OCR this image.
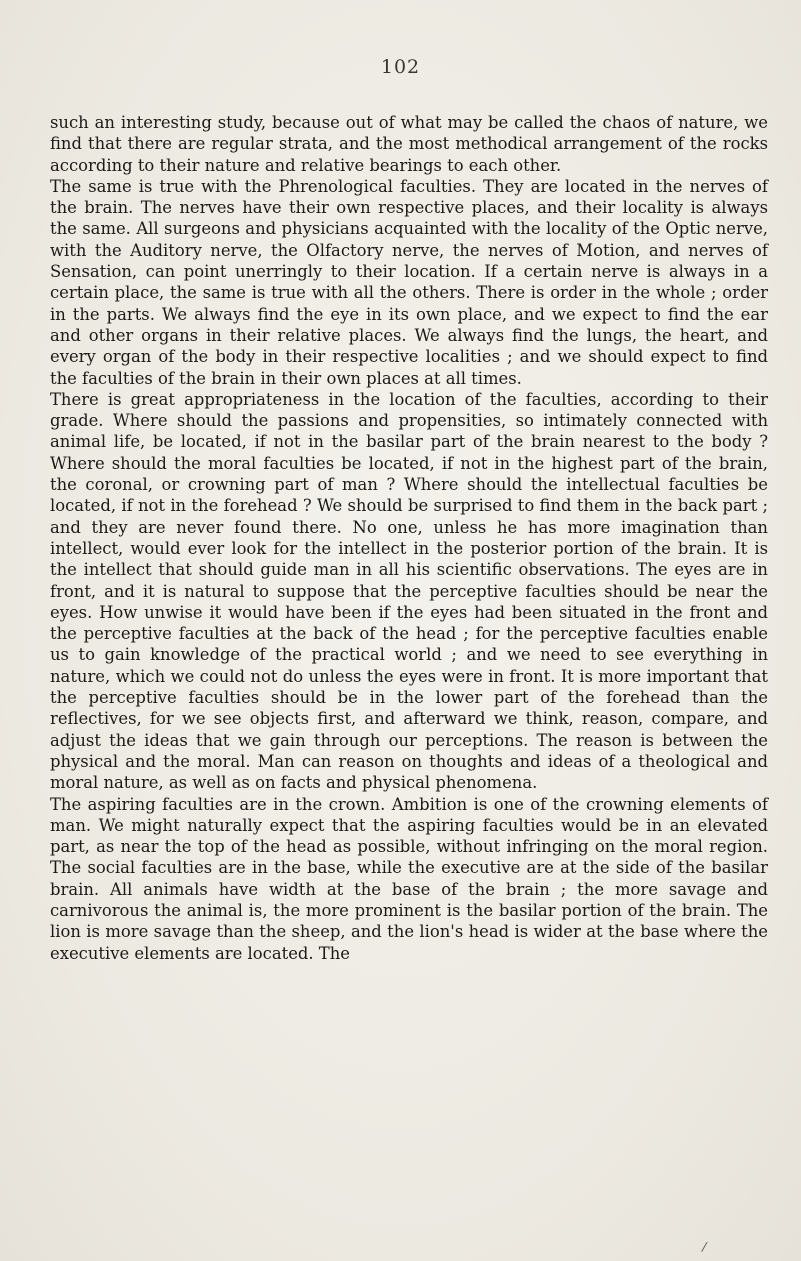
102

such an interesting study, because out of what may be called the chaos of nature, we find that there are regular strata, and the most methodical arrangement of the rocks according to their nature and relative bearings to each other.

The same is true with the Phrenological faculties. They are located in the nerves of the brain. The nerves have their own respective places, and their locality is always the same. All surgeons and physicians acquainted with the locality of the Optic nerve, with the Auditory nerve, the Olfactory nerve, the nerves of Motion, and nerves of Sensation, can point unerringly to their location. If a certain nerve is always in a certain place, the same is true with all the others. There is order in the whole ; order in the parts. We always find the eye in its own place, and we expect to find the ear and other organs in their relative places. We always find the lungs, the heart, and every organ of the body in their respective localities ; and we should expect to find the faculties of the brain in their own places at all times.

There is great appropriateness in the location of the faculties, according to their grade. Where should the passions and propensities, so intimately connected with animal life, be located, if not in the basilar part of the brain nearest to the body ? Where should the moral faculties be located, if not in the highest part of the brain, the coronal, or crowning part of man ? Where should the intellectual faculties be located, if not in the forehead ? We should be surprised to find them in the back part ; and they are never found there. No one, unless he has more imagination than intellect, would ever look for the intellect in the posterior portion of the brain. It is the intellect that should guide man in all his scientific observations. The eyes are in front, and it is natural to suppose that the perceptive faculties should be near the eyes. How unwise it would have been if the eyes had been situated in the front and the perceptive faculties at the back of the head ; for the perceptive faculties enable us to gain knowledge of the practical world ; and we need to see everything in nature, which we could not do unless the eyes were in front. It is more important that the perceptive faculties should be in the lower part of the forehead than the reflectives, for we see objects first, and afterward we think, reason, compare, and adjust the ideas that we gain through our perceptions. The reason is between the physical and the moral. Man can reason on thoughts and ideas of a theological and moral nature, as well as on facts and physical phenomena.

The aspiring faculties are in the crown. Ambition is one of the crowning elements of man. We might naturally expect that the aspiring faculties would be in an elevated part, as near the top of the head as possible, without infringing on the moral region. The social faculties are in the base, while the executive are at the side of the basilar brain. All animals have width at the base of the brain ; the more savage and carnivorous the animal is, the more prominent is the basilar portion of the brain. The lion is more savage than the sheep, and the lion's head is wider at the base where the executive elements are located. The

/
